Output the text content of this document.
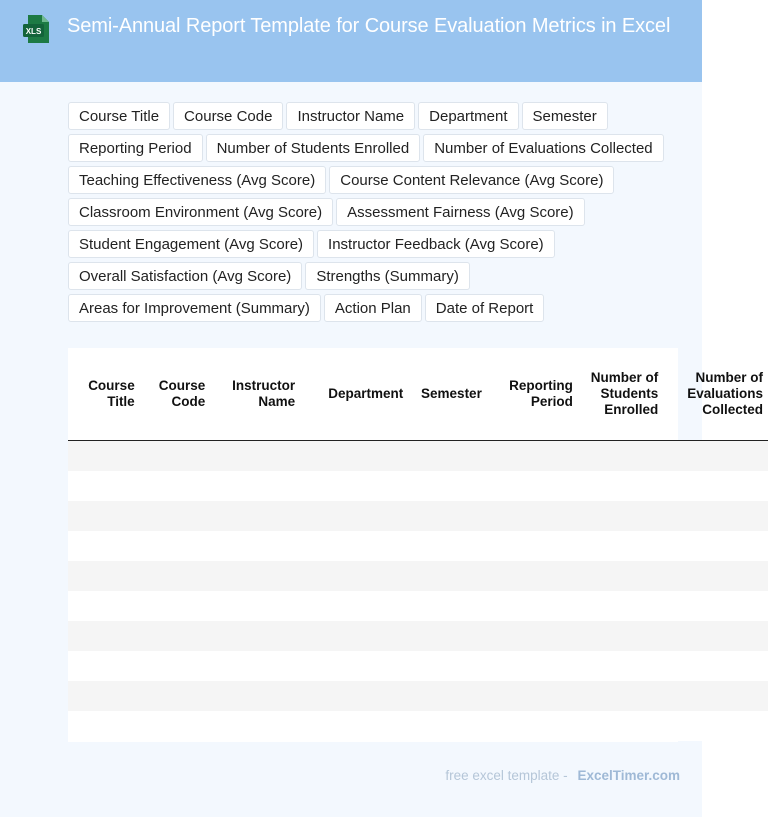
XLS	Semi-Annual Report Template for Course Evaluation Metrics in Excel
Course Title	Course Code	Instructor Name	Department	Semester
Reporting Period	Number of Students Enrolled	Number of Evaluations Collected
Teaching Effectiveness (Avg Score)	Course Content Relevance (Avg Score)
Classroom Environment (Avg Score)	Assessment Fairness (Avg Score)
Student Engagement (Avg Score)	Instructor Feedback (Avg Score)
Overall Satisfaction (Avg Score)	Strengths (Summary)
Areas for Improvement (Summary)	Action Plan	Date of Report
Course Title	Course Code	Instructor Name	Department	Semester	Reporting Period	Number of Students Enrolled	Number of Evaluations Collected

free excel template - ExcelTimer.com
